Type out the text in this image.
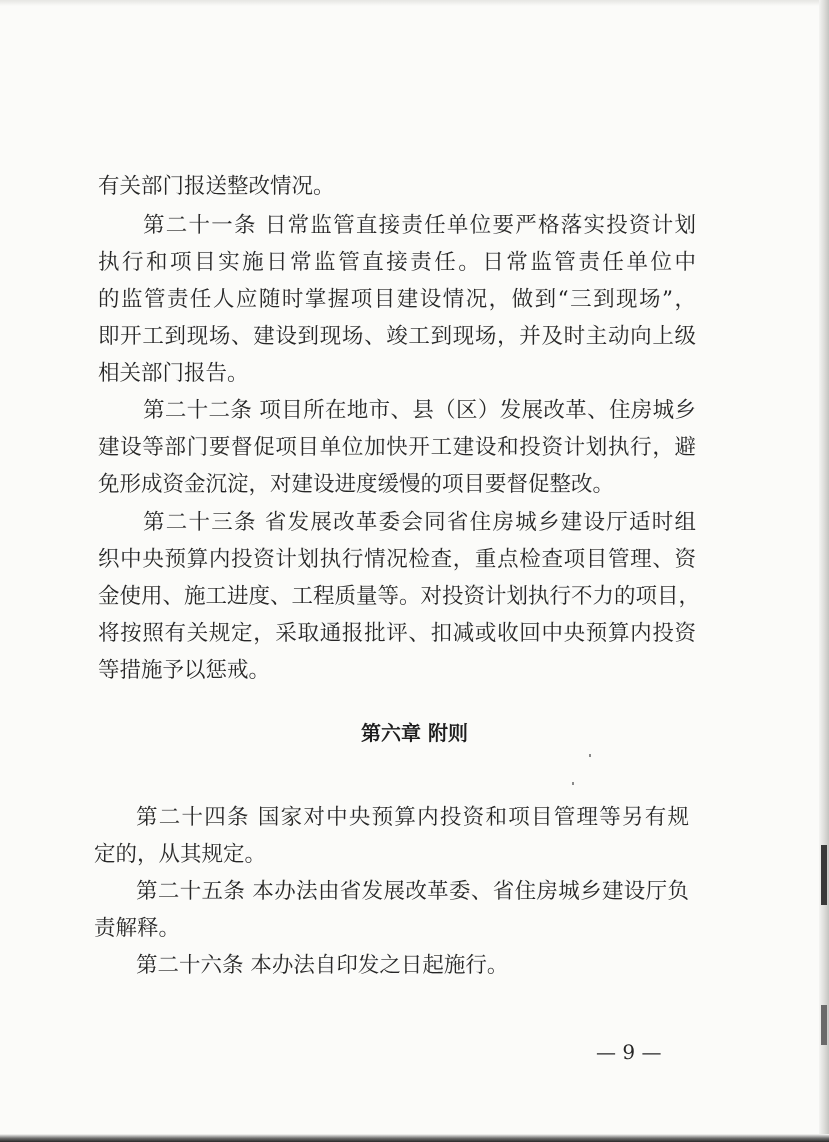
有关部门报送整改情况。
第二十一条 日常监管直接责任单位要严格落实投资计划
执行和项目实施日常监管直接责任。日常监管责任单位中
的监管责任人应随时掌握项目建设情况，做到“三到现场”，
即开工到现场、建设到现场、竣工到现场，并及时主动向上级
相关部门报告。
第二十二条 项目所在地市、县（区）发展改革、住房城乡
建设等部门要督促项目单位加快开工建设和投资计划执行，避
免形成资金沉淀，对建设进度缓慢的项目要督促整改。
第二十三条 省发展改革委会同省住房城乡建设厅适时组
织中央预算内投资计划执行情况检查，重点检查项目管理、资
金使用、施工进度、工程质量等。对投资计划执行不力的项目，
将按照有关规定，采取通报批评、扣减或收回中央预算内投资
等措施予以惩戒。
第六章 附则
第二十四条 国家对中央预算内投资和项目管理等另有规
定的，从其规定。
第二十五条 本办法由省发展改革委、省住房城乡建设厅负
责解释。
第二十六条 本办法自印发之日起施行。
— 9 —
